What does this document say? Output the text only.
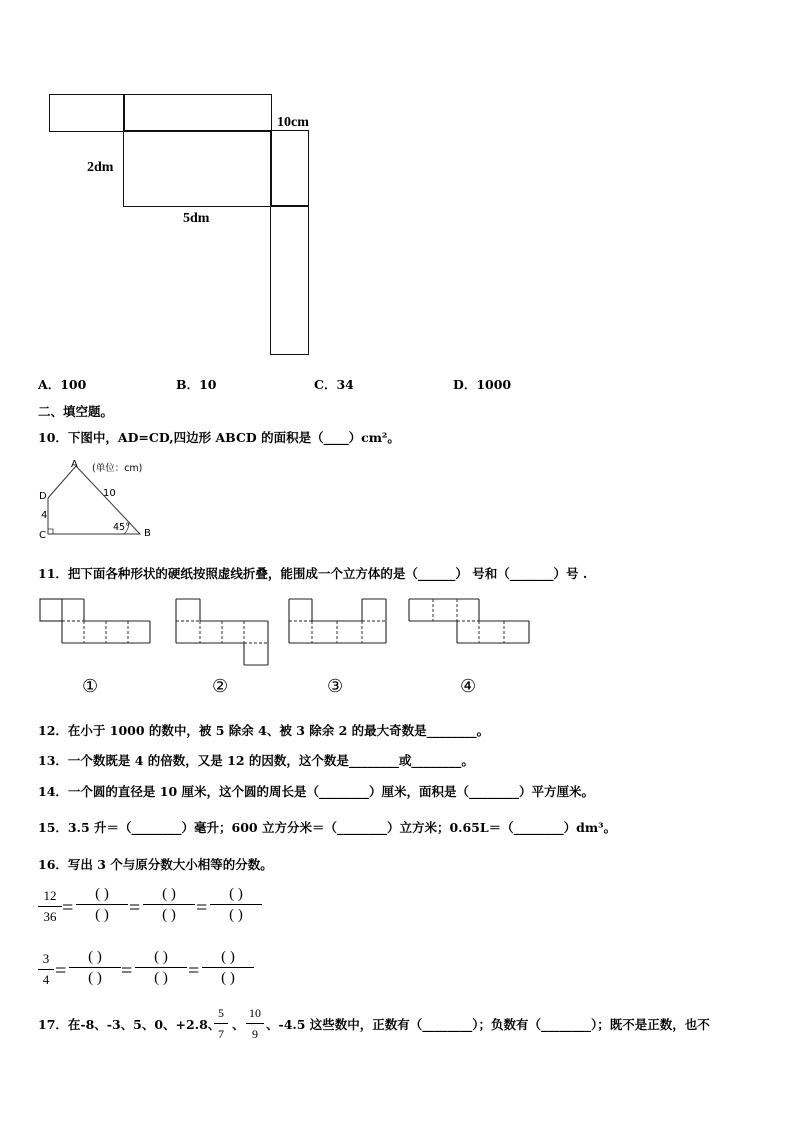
10cm
2dm
5dm
A．100	B．10	C．34	D．1000
二、填空题。
10．下图中，AD=CD,四边形 ABCD 的面积是（____）cm²。
A
D
C	B
(单位：cm)
10
4
45°
11．把下面各种形状的硬纸按照虚线折叠，能围成一个立方体的是（______） 号和（_______）号 .
①	②	③	④
12．在小于 1000 的数中，被 5 除余 4、被 3 除余 2 的最大奇数是________。
13．一个数既是 4 的倍数，又是 12 的因数，这个数是________或________。
14．一个圆的直径是 10 厘米，这个圆的周长是（________）厘米，面积是（________）平方厘米。
15．3.5 升＝（________）毫升；600 立方分米＝（________）立方米；0.65L＝（________）dm³。
16．写出 3 个与原分数大小相等的分数。
12
36 =
( )
( )	=
( )
( )	=
( )
( )
3
4 =
( )
( ) =
( )
( )	=
( )
( )
17．在-8、-3、5、0、+2.8、
5
7
、
10
9
、-4.5 这些数中，正数有（________）；负数有（________）；既不是正数，也不
